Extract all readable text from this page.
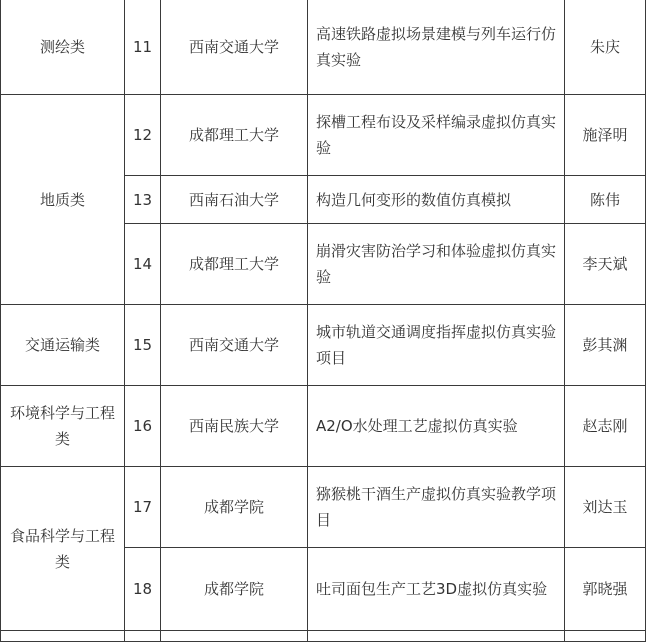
测绘类	11	西南交通大学	高速铁路虚拟场景建模与列车运行仿真实验	朱庆
地质类	12	成都理工大学	探槽工程布设及采样编录虚拟仿真实验	施泽明
	13	西南石油大学	构造几何变形的数值仿真模拟	陈伟
	14	成都理工大学	崩滑灾害防治学习和体验虚拟仿真实验	李天斌
交通运输类	15	西南交通大学	城市轨道交通调度指挥虚拟仿真实验项目	彭其渊
环境科学与工程类	16	西南民族大学	A2/O水处理工艺虚拟仿真实验	赵志刚
食品科学与工程类	17	成都学院	猕猴桃干酒生产虚拟仿真实验教学项目	刘达玉
	18	成都学院	吐司面包生产工艺3D虚拟仿真实验	郭晓强
